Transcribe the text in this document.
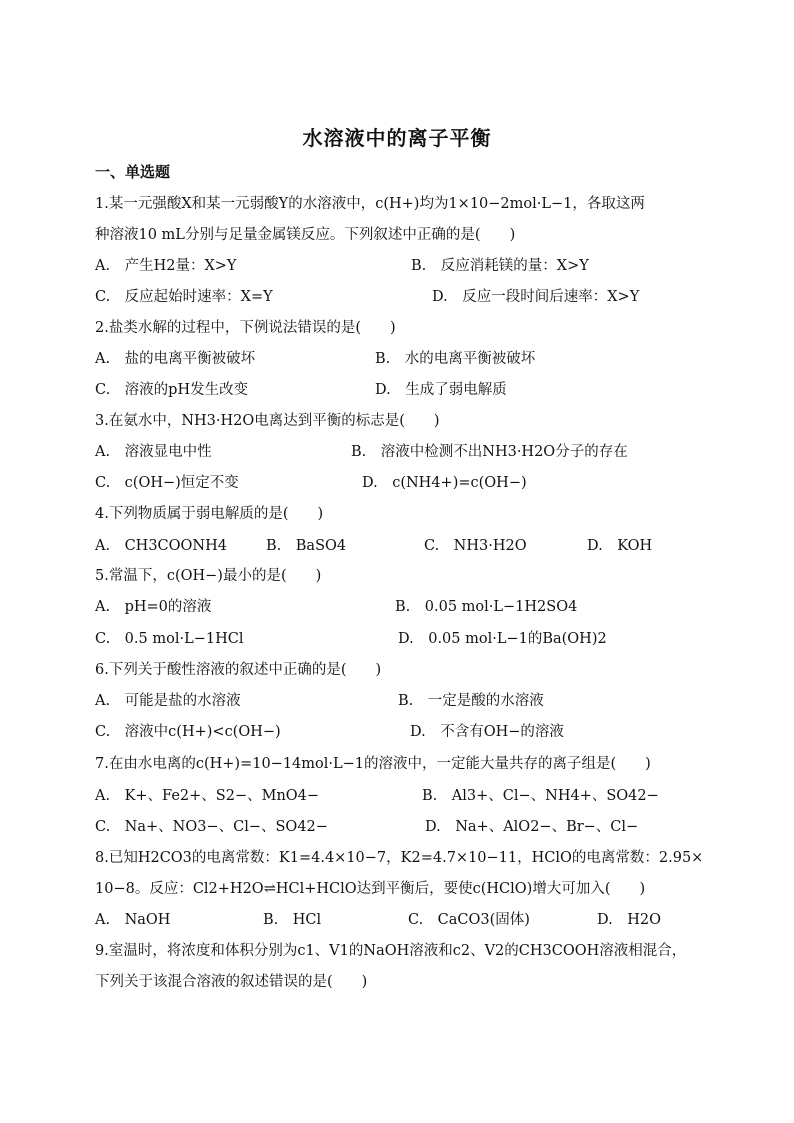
水溶液中的离子平衡
一、单选题
1.某一元强酸X和某一元弱酸Y的水溶液中，c(H+)均为1×10−2mol·L−1，各取这两
种溶液10 mL分别与足量金属镁反应。下列叙述中正确的是(　　)
A.　产生H2量：X>Y	B.　反应消耗镁的量：X>Y
C.　反应起始时速率：X=Y	D.　反应一段时间后速率：X>Y
2.盐类水解的过程中，下例说法错误的是(　　)
A.　盐的电离平衡被破坏	B.　水的电离平衡被破坏
C.　溶液的pH发生改变	D.　生成了弱电解质
3.在氨水中，NH3·H2O电离达到平衡的标志是(　　)
A.　溶液显电中性	B.　溶液中检测不出NH3·H2O分子的存在
C.　c(OH−)恒定不变	D.　c(NH4+)=c(OH−)
4.下列物质属于弱电解质的是(　　)
A.　CH3COONH4	B.　BaSO4	C.　NH3·H2O	D.　KOH
5.常温下，c(OH−)最小的是(　　)
A.　pH=0的溶液	B.　0.05 mol·L−1H2SO4
C.　0.5 mol·L−1HCl	D.　0.05 mol·L−1的Ba(OH)2
6.下列关于酸性溶液的叙述中正确的是(　　)
A.　可能是盐的水溶液	B.　一定是酸的水溶液
C.　溶液中c(H+)<c(OH−)	D.　不含有OH−的溶液
7.在由水电离的c(H+)=10−14mol·L−1的溶液中，一定能大量共存的离子组是(　　)
A.　K+、Fe2+、S2−、MnO4−	B.　Al3+、Cl−、NH4+、SO42−
C.　Na+、NO3−、Cl−、SO42−	D.　Na+、AlO2−、Br−、Cl−
8.已知H2CO3的电离常数：K1=4.4×10−7，K2=4.7×10−11，HClO的电离常数：2.95×
10−8。反应：Cl2+H2O⇌HCl+HClO达到平衡后，要使c(HClO)增大可加入(　　)
A.　NaOH	B.　HCl	C.　CaCO3(固体)	D.　H2O
9.室温时，将浓度和体积分别为c1、V1的NaOH溶液和c2、V2的CH3COOH溶液相混合，
下列关于该混合溶液的叙述错误的是(　　)
